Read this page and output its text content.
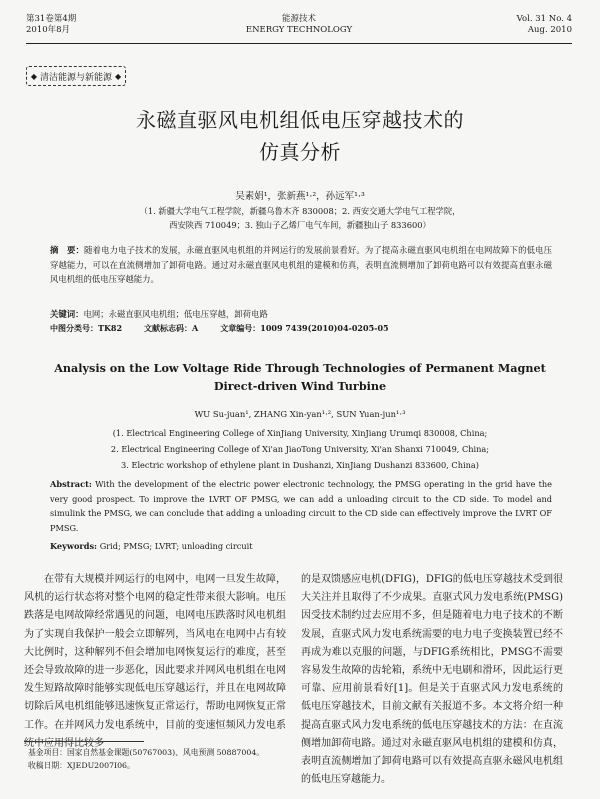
第31卷第4期
2010年8月
能源技术
ENERGY TECHNOLOGY
Vol. 31 No. 4
Aug. 2010
◆ 清洁能源与新能源 ◆
永磁直驱风电机组低电压穿越技术的
仿真分析
吴素娟¹，张新燕¹·²，孙远军¹·³
（1. 新疆大学电气工程学院，新疆乌鲁木齐 830008；2. 西安交通大学电气工程学院，
西安陕西 710049；3. 独山子乙烯厂电气车间，新疆独山子 833600）
摘　要：随着电力电子技术的发展，永磁直驱风电机组的并网运行的发展前景看好。为了提高永磁直驱风电机组在电网故障下的低电压穿越能力，可以在直流侧增加了卸荷电路。通过对永磁直驱风电机组的建模和仿真，表明直流侧增加了卸荷电路可以有效提高直驱永磁风电机组的低电压穿越能力。
关键词：电网；永磁直驱风电机组；低电压穿越，卸荷电路
中图分类号：TK82	文献标志码：A	文章编号：1009 7439(2010)04-0205-05
Analysis on the Low Voltage Ride Through Technologies of Permanent Magnet
Direct-driven Wind Turbine
WU Su-juan¹, ZHANG Xin-yan¹·², SUN Yuan-jun¹·³
(1. Electrical Engineering College of XinJiang University, XinJiang Urumqi 830008, China;
2. Electrical Engineering College of Xi'an JiaoTong University, Xi'an Shanxi 710049, China;
3. Electric workshop of ethylene plant in Dushanzi, XinJiang Dushanzi 833600, China)
Abstract: With the development of the electric power electronic technology, the PMSG operating in the grid have the very good prospect. To improve the LVRT OF PMSG, we can add a unloading circuit to the CD side. To model and simulink the PMSG, we can conclude that adding a unloading circuit to the CD side can effectively improve the LVRT OF PMSG.
Keywords: Grid; PMSG; LVRT; unloading circuit
在带有大规模并网运行的电网中，电网一旦发生故障，风机的运行状态将对整个电网的稳定性带来很大影响。电压跌落是电网故障经常遇见的问题，电网电压跌落时风电机组为了实现自我保护一般会立即解列，当风电在电网中占有较大比例时，这种解列不但会增加电网恢复运行的难度，甚至还会导致故障的进一步恶化，因此要求并网风电机组在电网发生短路故障时能够实现低电压穿越运行，并且在电网故障切除后风电机组能够迅速恢复正常运行，帮助电网恢复正常工作。在并网风力发电系统中，目前的变速恒频风力发电系统中应用得比较多
的是双馈感应电机(DFIG)，DFIG的低电压穿越技术受到很大关注并且取得了不少成果。直驱式风力发电系统(PMSG)因受技术制约过去应用不多，但是随着电力电子技术的不断发展，直驱式风力发电系统需要的电力电子变换装置已经不再成为难以克服的问题，与DFIG系统相比，PMSG不需要容易发生故障的齿轮箱，系统中无电刷和滑环，因此运行更可靠、应用前景看好[1]。但是关于直驱式风力发电系统的低电压穿越技术，目前文献有关报道不多。本文将介绍一种提高直驱式风力发电系统的低电压穿越技术的方法：在直流侧增加卸荷电路。通过对永磁直驱风电机组的建模和仿真，表明直流侧增加了卸荷电路可以有效提高直驱永磁风电机组的低电压穿越能力。
基金项目：国家自然基金课题(50767003)、风电预测 50887004。
收稿日期：XJEDU2007I06。
